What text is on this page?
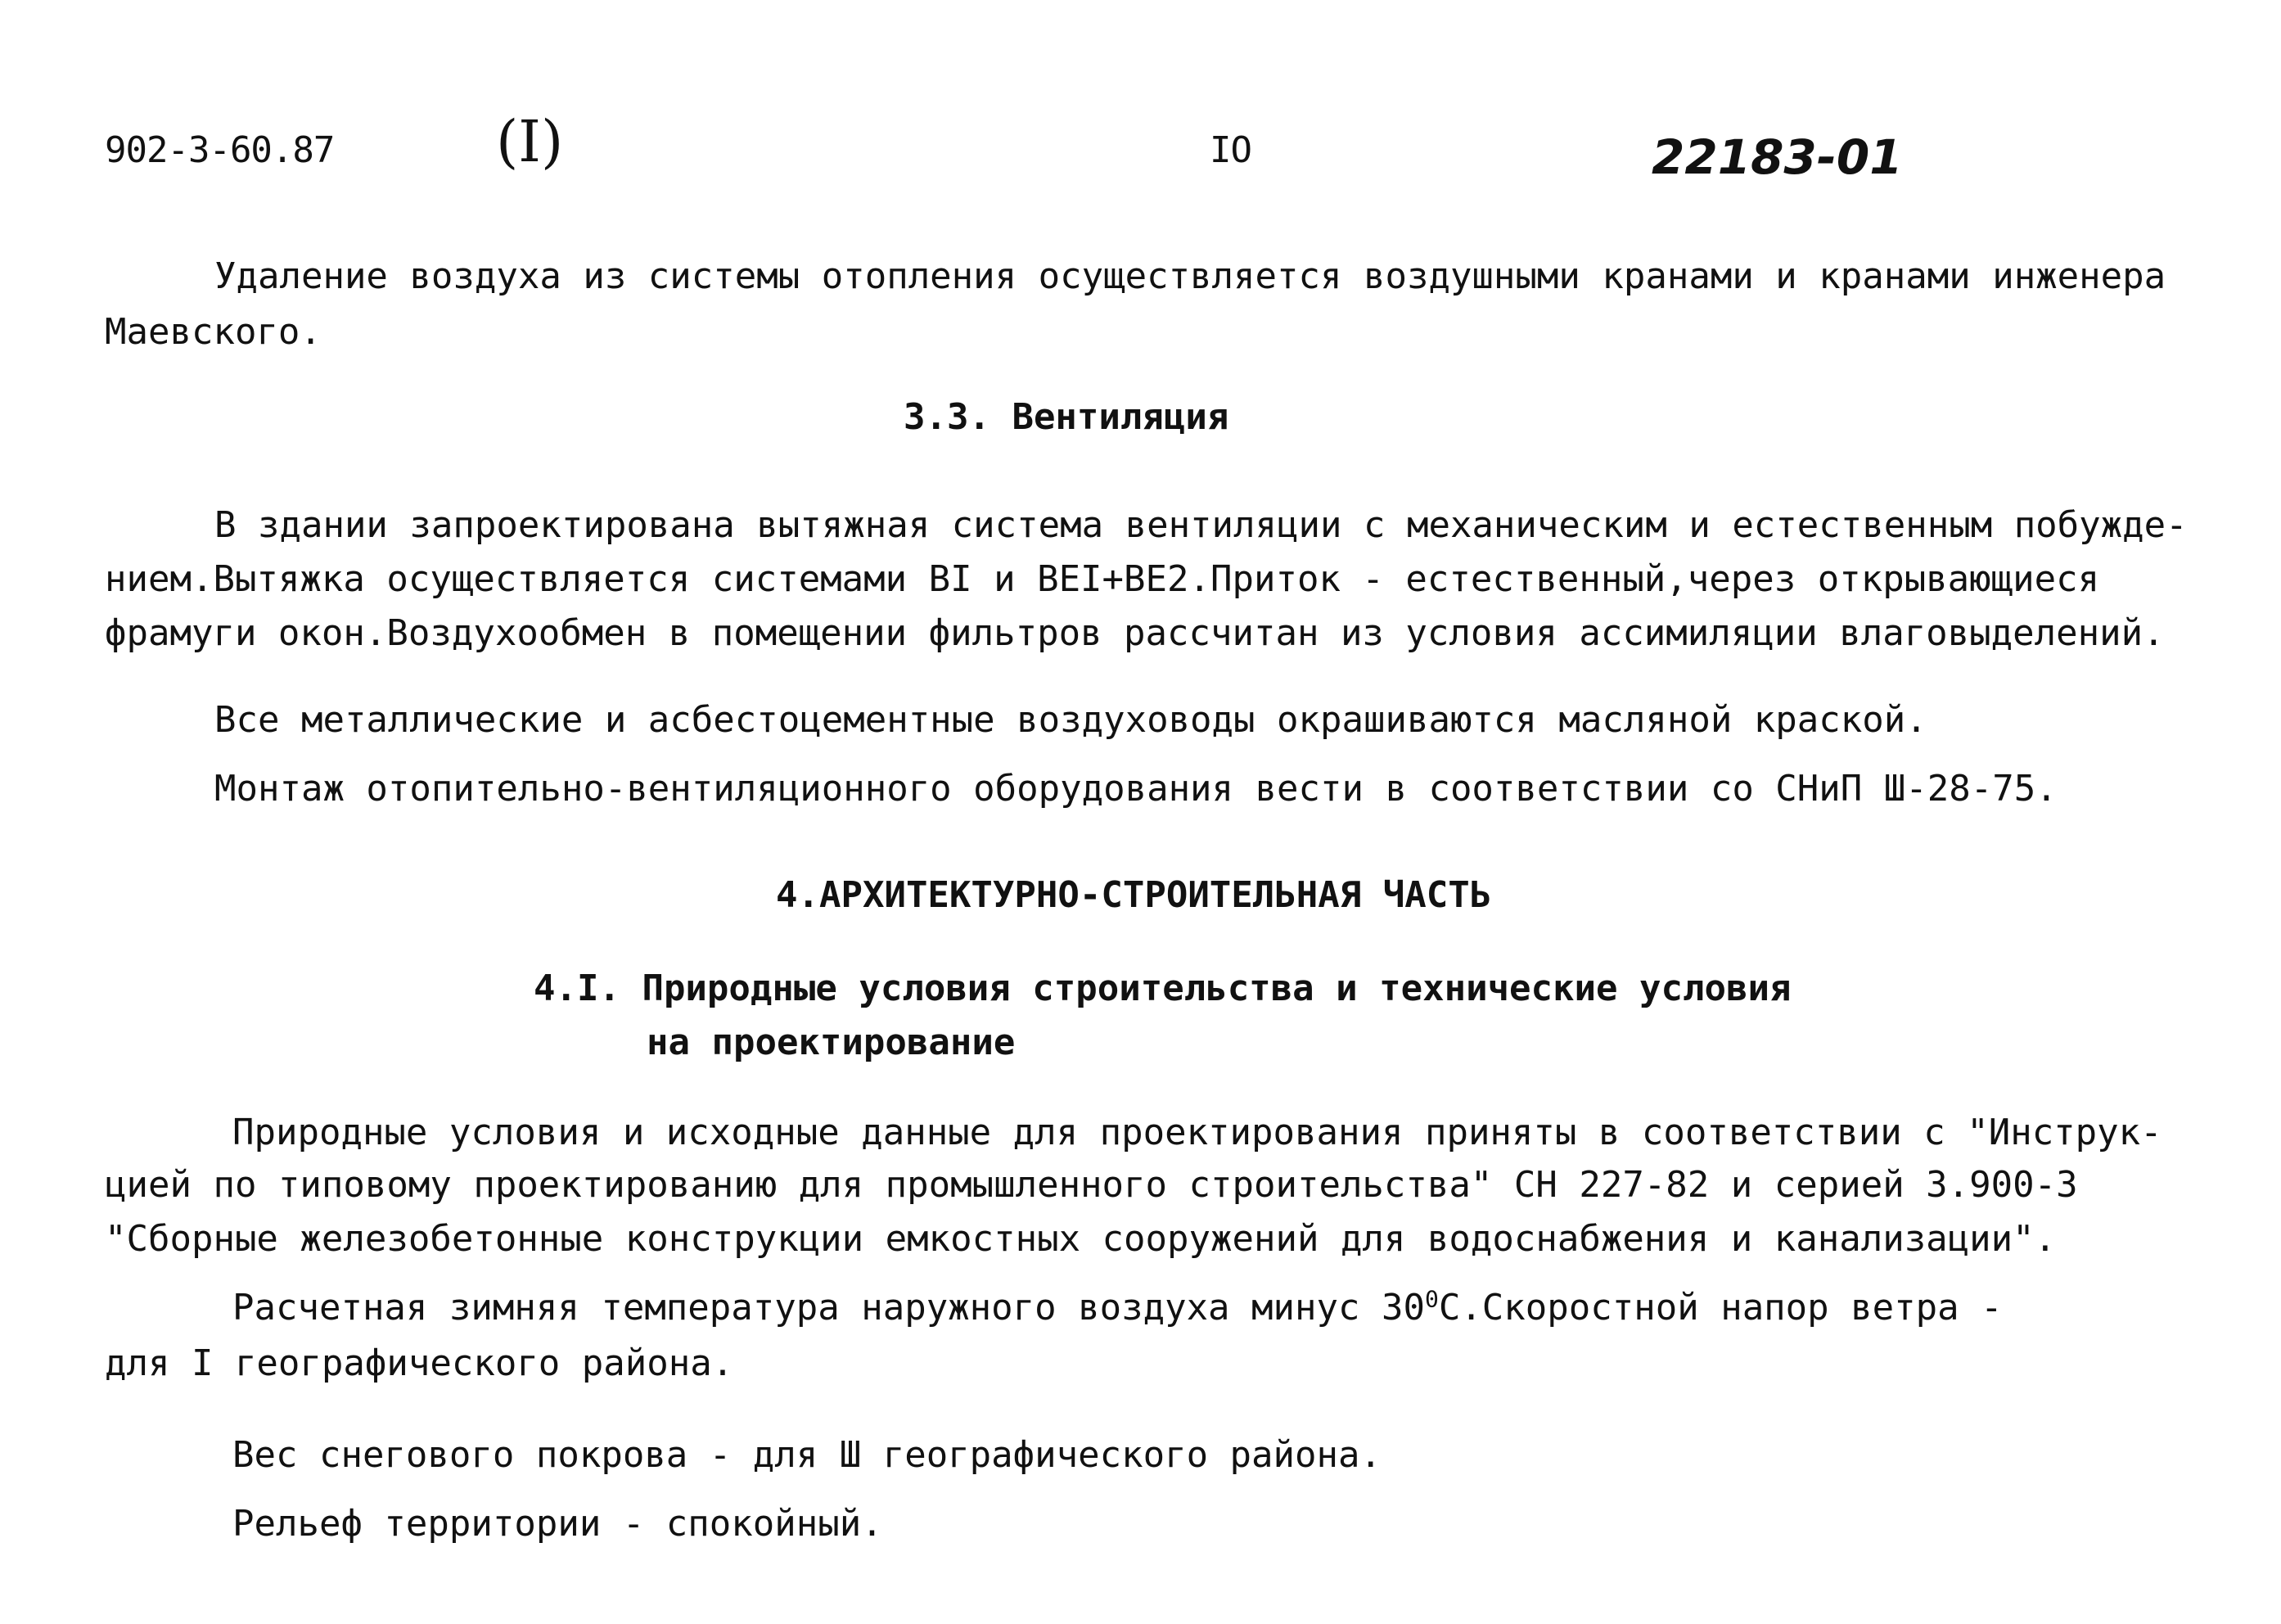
902-3-60.87	(I)	IO	22183-01
Удаление воздуха из системы отопления осуществляется воздушными кранами и кранами инженера
Маевского.
3.3. Вентиляция
В здании запроектирована вытяжная система вентиляции с механическим и естественным побужде-
нием.Вытяжка осуществляется системами BI и BEI+BE2.Приток - естественный,через открывающиеся
фрамуги окон.Воздухообмен в помещении фильтров рассчитан из условия ассимиляции влаговыделений.
Все металлические и асбестоцементные воздуховоды окрашиваются масляной краской.
Монтаж отопительно-вентиляционного оборудования вести в соответствии со СНиП Ш-28-75.
4.АРХИТЕКТУРНО-СТРОИТЕЛЬНАЯ ЧАСТЬ
4.I. Природные условия строительства и технические условия
на проектирование
Природные условия и исходные данные для проектирования приняты в соответствии с "Инструк-
цией по типовому проектированию для промышленного строительства" СН 227-82 и серией 3.900-3
"Сборные железобетонные конструкции емкостных сооружений для водоснабжения и канализации".
Расчетная зимняя температура наружного воздуха минус $30^0С.Скоростной$ напор ветра -
для I географического района.
Вес снегового покрова - для Ш географического района.
Рельеф территории - спокойный.
